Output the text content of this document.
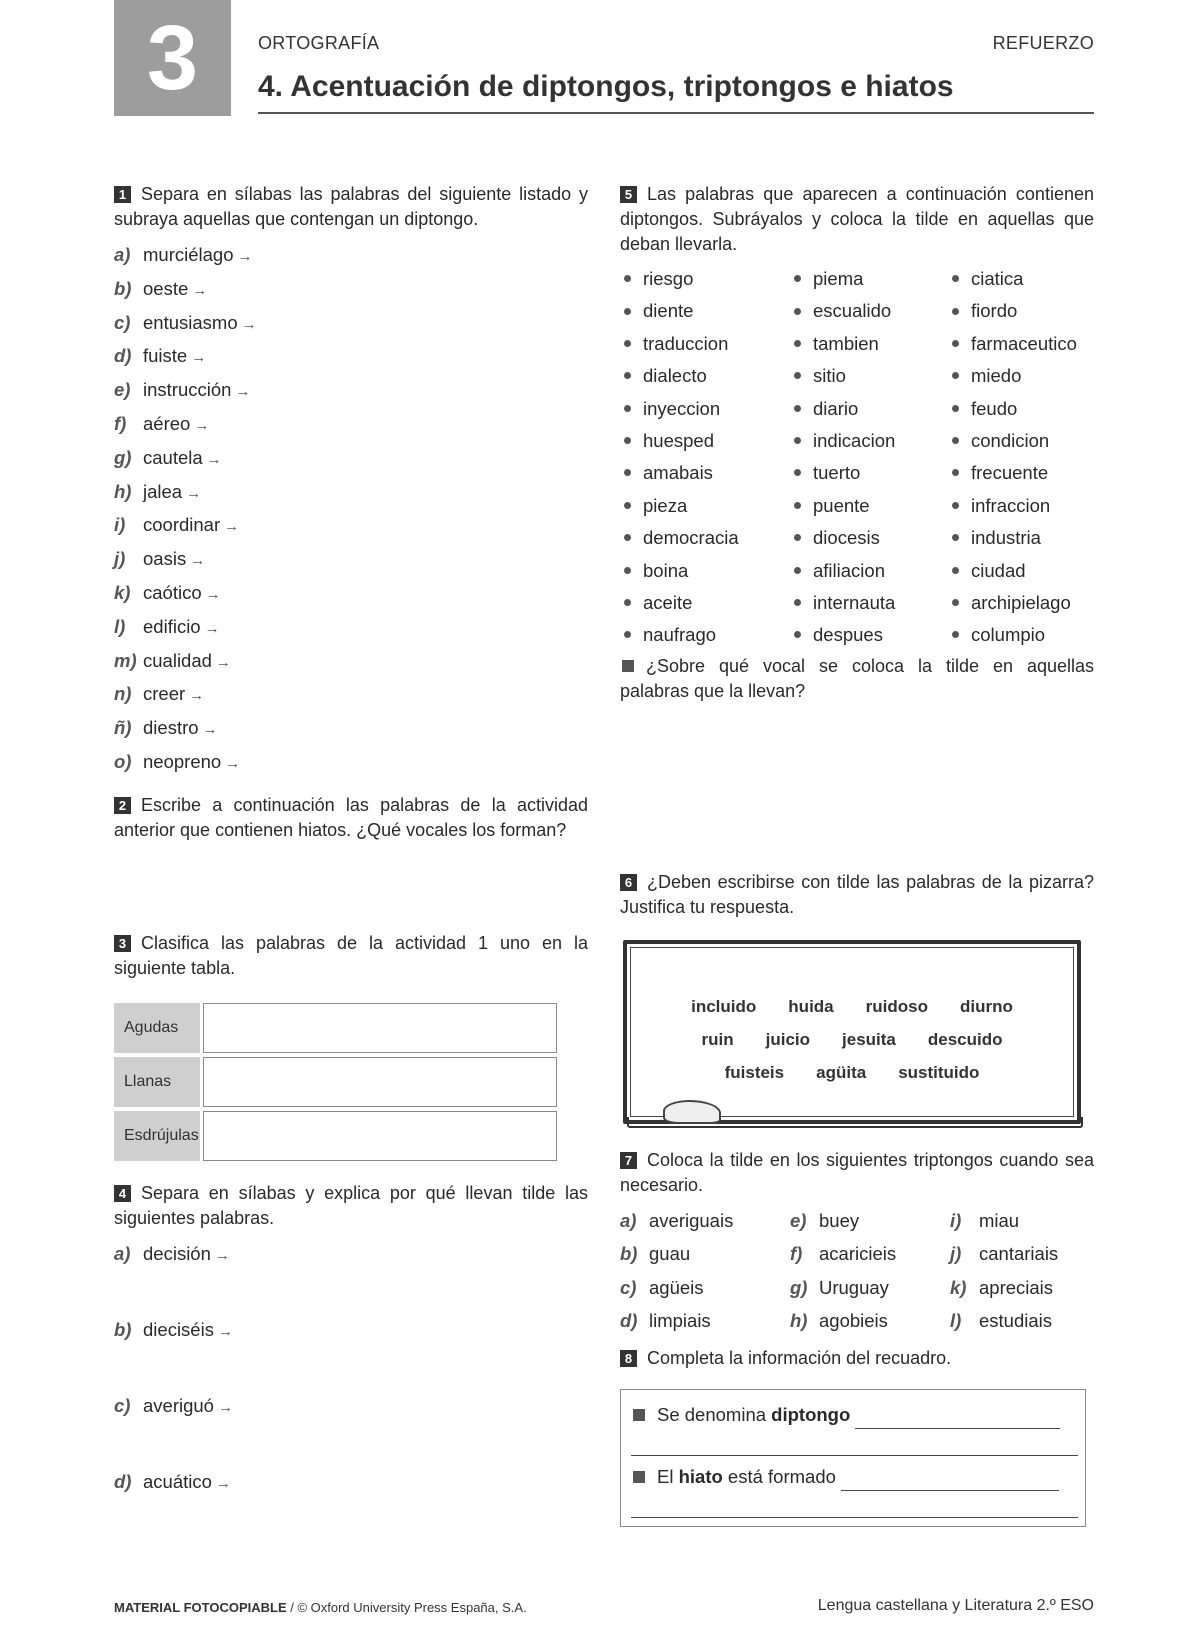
3	ORTOGRAFÍA	REFUERZO
4. Acentuación de diptongos, triptongos e hiatos

1 Separa en sílabas las palabras del siguiente listado y subraya aquellas que contengan un diptongo.

a) murciélago →
b) oeste →
c) entusiasmo →
d) fuiste →
e) instrucción →
f) aéreo →
g) cautela →
h) jalea →
i) coordinar →
j) oasis →
k) caótico →
l) edificio →
m) cualidad →
n) creer →
ñ) diestro →
o) neopreno →

2 Escribe a continuación las palabras de la actividad anterior que contienen hiatos. ¿Qué vocales los forman?

3 Clasifica las palabras de la actividad 1 uno en la siguiente tabla.

Agudas		
Llanas		
Esdrújulas		

4 Separa en sílabas y explica por qué llevan tilde las siguientes palabras.

a) decisión →
b) dieciséis →
c) averiguó →
d) acuático →

5 Las palabras que aparecen a continuación contienen diptongos. Subráyalos y coloca la tilde en aquellas que deban llevarla.

riesgo	piema	ciatica
diente	escualido	fiordo
traduccion	tambien	farmaceutico
dialecto	sitio	miedo
inyeccion	diario	feudo
huesped	indicacion	condicion
amabais	tuerto	frecuente
pieza	puente	infraccion
democracia	diocesis	industria
boina	afiliacion	ciudad
aceite	internauta	archipielago
naufrago	despues	columpio

¿Sobre qué vocal se coloca la tilde en aquellas palabras que la llevan?

6 ¿Deben escribirse con tilde las palabras de la pizarra? Justifica tu respuesta.

incluido huida ruidoso diurno
ruin juicio jesuita descuido
fuisteis agüita sustituido

7 Coloca la tilde en los siguientes triptongos cuando sea necesario.

a) averiguais	e) buey	i) miau
b) guau	f) acaricieis	j) cantariais
c) agüeis	g) Uruguay	k) apreciais
d) limpiais	h) agobieis	l) estudiais

8 Completa la información del recuadro.

Se denomina diptongo
El hiato está formado
MATERIAL FOTOCOPIABLE / © Oxford University Press España, S.A.	Lengua castellana y Literatura 2.º ESO
